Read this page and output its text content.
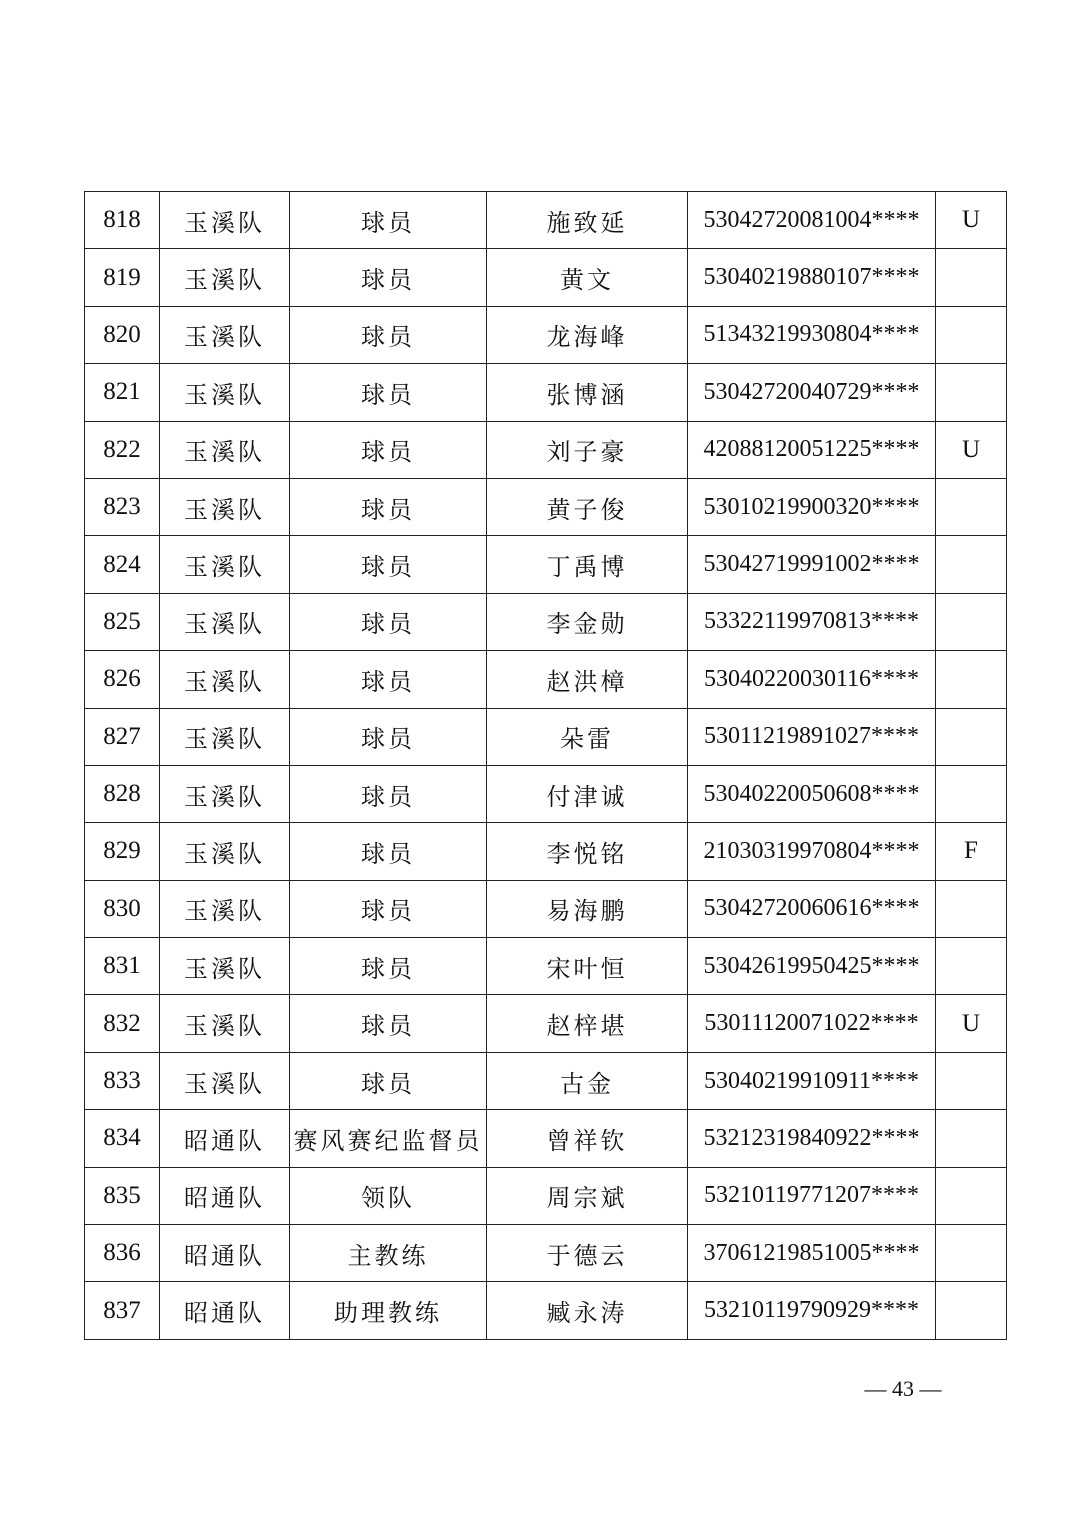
818	玉溪队	球员	施致延	53042720081004****	U
819	玉溪队	球员	黄文	53040219880107****	
820	玉溪队	球员	龙海峰	51343219930804****	
821	玉溪队	球员	张博涵	53042720040729****	
822	玉溪队	球员	刘子豪	42088120051225****	U
823	玉溪队	球员	黄子俊	53010219900320****	
824	玉溪队	球员	丁禹博	53042719991002****	
825	玉溪队	球员	李金勋	53322119970813****	
826	玉溪队	球员	赵洪樟	53040220030116****	
827	玉溪队	球员	朵雷	53011219891027****	
828	玉溪队	球员	付津诚	53040220050608****	
829	玉溪队	球员	李悦铭	21030319970804****	F
830	玉溪队	球员	易海鹏	53042720060616****	
831	玉溪队	球员	宋叶恒	53042619950425****	
832	玉溪队	球员	赵梓堪	53011120071022****	U
833	玉溪队	球员	古金	53040219910911****	
834	昭通队	赛风赛纪监督员	曾祥钦	53212319840922****	
835	昭通队	领队	周宗斌	53210119771207****	
836	昭通队	主教练	于德云	37061219851005****	
837	昭通队	助理教练	臧永涛	53210119790929****	
— 43 —
